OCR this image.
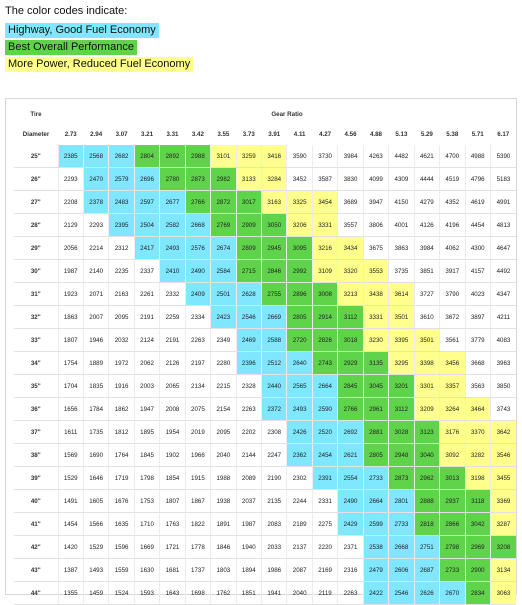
The color codes indicate:
Highway, Good Fuel Economy
Best Overall Performance
More Power, Reduced Fuel Economy
Tire	Gear Ratio																	
Diameter	2.73	2.94	3.07	3.21	3.31	3.42	3.55	3.73	3.91	4.11	4.27	4.56	4.88	5.13	5.29	5.38	5.71	6.17
25"	2385	2568	2682	2804	2892	2988	3101	3259	3416	3590	3730	3984	4263	4482	4621	4700	4988	5390
26"	2293	2470	2579	2696	2780	2873	2982	3133	3284	3452	3587	3830	4099	4309	4444	4519	4796	5183
27"	2208	2378	2483	2597	2677	2766	2872	3017	3163	3325	3454	3689	3947	4150	4279	4352	4619	4991
28"	2129	2293	2395	2504	2582	2668	2769	2909	3050	3206	3331	3557	3806	4001	4126	4196	4454	4813
29"	2056	2214	2312	2417	2493	2576	2674	2809	2945	3095	3216	3434	3675	3863	3984	4062	4300	4647
30"	1987	2140	2235	2337	2410	2490	2584	2715	2846	2992	3109	3320	3553	3735	3851	3917	4157	4492
31"	1923	2071	2163	2261	2332	2409	2501	2628	2755	2896	3008	3213	3438	3614	3727	3790	4023	4347
32"	1863	2007	2095	2191	2259	2334	2423	2546	2669	2805	2914	3112	3331	3501	3610	3672	3897	4211
33"	1807	1946	2032	2124	2191	2263	2349	2469	2588	2720	2826	3018	3230	3395	3501	3561	3779	4083
34"	1754	1889	1972	2062	2126	2197	2280	2396	2512	2640	2743	2929	3135	3295	3398	3456	3668	3963
35"	1704	1835	1916	2003	2065	2134	2215	2328	2440	2565	2664	2845	3045	3201	3301	3357	3563	3850
36"	1656	1784	1862	1947	2008	2075	2154	2263	2372	2493	2590	2766	2961	3112	3209	3264	3464	3743
37"	1611	1735	1812	1895	1954	2019	2095	2202	2308	2426	2520	2692	2881	3028	3123	3176	3370	3642
38"	1569	1690	1764	1845	1902	1966	2040	2144	2247	2362	2454	2621	2805	2948	3040	3092	3282	3546
39"	1529	1646	1719	1798	1854	1915	1988	2089	2190	2302	2391	2554	2733	2873	2962	3013	3198	3455
40"	1491	1605	1676	1753	1807	1867	1938	2037	2135	2244	2331	2490	2664	2801	2888	2937	3118	3369
41"	1454	1566	1635	1710	1763	1822	1891	1987	2083	2189	2275	2429	2599	2733	2818	2866	3042	3287
42"	1420	1529	1596	1669	1721	1778	1846	1940	2033	2137	2220	2371	2538	2668	2751	2798	2969	3208
43"	1387	1493	1559	1630	1681	1737	1803	1894	1986	2087	2169	2316	2479	2606	2687	2733	2900	3134
44"	1355	1459	1524	1593	1643	1698	1762	1851	1941	2040	2119	2263	2422	2546	2626	2670	2834	3063
